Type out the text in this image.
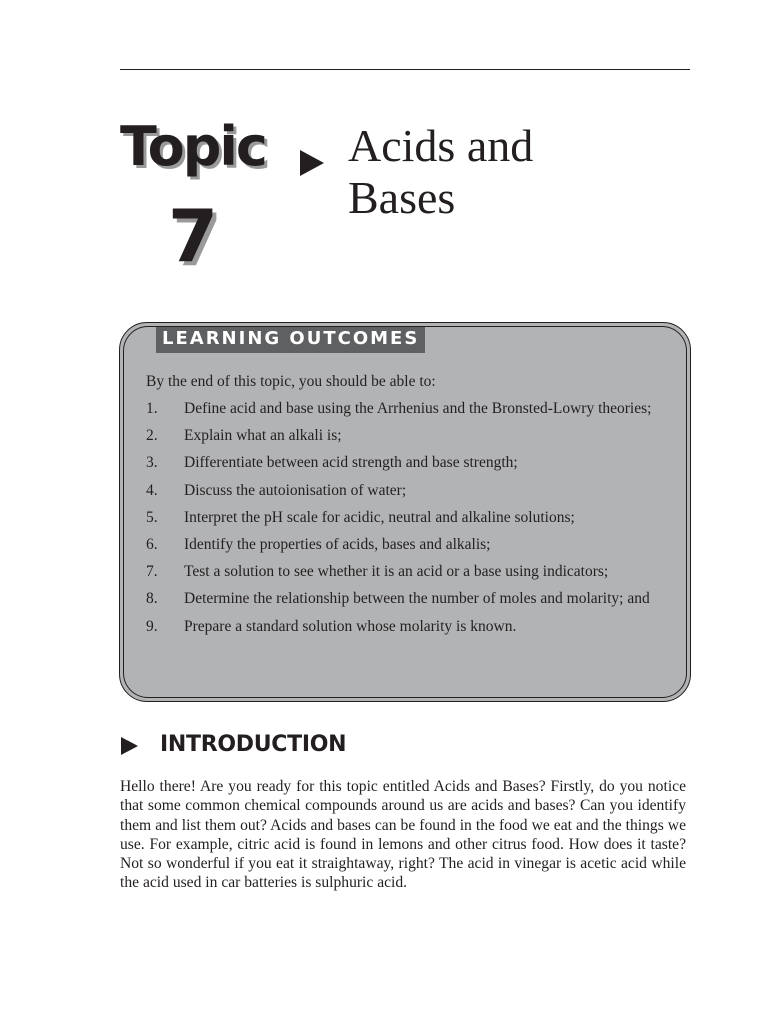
Topic
7
Acids and
Bases
LEARNING OUTCOMES

By the end of this topic, you should be able to:

1.	Define acid and base using the Arrhenius and the Bronsted-Lowry theories;
2.	Explain what an alkali is;
3.	Differentiate between acid strength and base strength;
4.	Discuss the autoionisation of water;
5.	Interpret the pH scale for acidic, neutral and alkaline solutions;
6.	Identify the properties of acids, bases and alkalis;
7.	Test a solution to see whether it is an acid or a base using indicators;
8.	Determine the relationship between the number of moles and molarity; and
9.	Prepare a standard solution whose molarity is known.
INTRODUCTION

Hello there! Are you ready for this topic entitled Acids and Bases? Firstly, do you notice that some common chemical compounds around us are acids and bases? Can you identify them and list them out? Acids and bases can be found in the food we eat and the things we use. For example, citric acid is found in lemons and other citrus food. How does it taste? Not so wonderful if you eat it straightaway, right? The acid in vinegar is acetic acid while the acid used in car batteries is sulphuric acid.
